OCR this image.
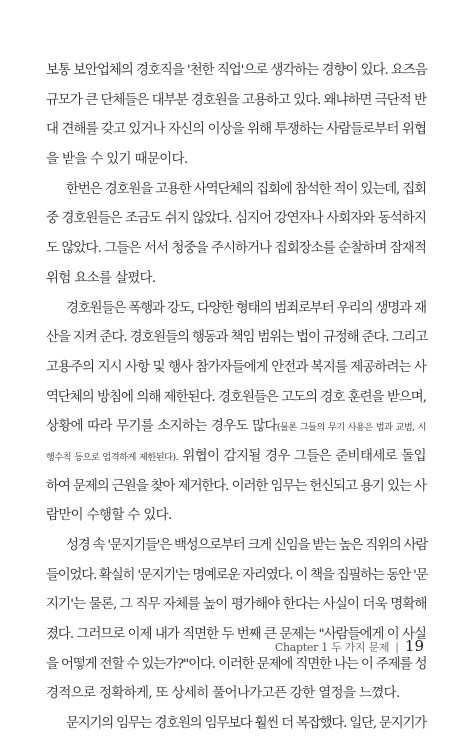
보통 보안업체의 경호직을 '천한 직업'으로 생각하는 경향이 있다. 요즈음
규모가 큰 단체들은 대부분 경호원을 고용하고 있다. 왜냐하면 극단적 반
대 견해를 갖고 있거나 자신의 이상을 위해 투쟁하는 사람들로부터 위협
을 받을 수 있기 때문이다.
한번은 경호원을 고용한 사역단체의 집회에 참석한 적이 있는데, 집회
중 경호원들은 조금도 쉬지 않았다. 심지어 강연자나 사회자와 동석하지
도 않았다. 그들은 서서 청중을 주시하거나 집회장소를 순찰하며 잠재적
위험 요소를 살폈다.
경호원들은 폭행과 강도, 다양한 형태의 범죄로부터 우리의 생명과 재
산을 지켜 준다. 경호원들의 행동과 책임 범위는 법이 규정해 준다. 그리고
고용주의 지시 사항 및 행사 참가자들에게 안전과 복지를 제공하려는 사
역단체의 방침에 의해 제한된다. 경호원들은 고도의 경호 훈련을 받으며,
상황에 따라 무기를 소지하는 경우도 많다(물론 그들의 무기 사용은 법과 교범, 시
행수칙 등으로 엄격하게 제한된다). 위협이 감지될 경우 그들은 준비태세로 돌입
하여 문제의 근원을 찾아 제거한다. 이러한 임무는 헌신되고 용기 있는 사
람만이 수행할 수 있다.
성경 속 '문지기들'은 백성으로부터 크게 신임을 받는 높은 직위의 사람
들이었다. 확실히 '문지기'는 명예로운 자리였다. 이 책을 집필하는 동안 '문
지기'는 물론, 그 직무 자체를 높이 평가해야 한다는 사실이 더욱 명확해
졌다. 그러므로 이제 내가 직면한 두 번째 큰 문제는 "사람들에게 이 사실
을 어떻게 전할 수 있는가?"이다. 이러한 문제에 직면한 나는 이 주제를 성
경적으로 정확하게, 또 상세히 풀어나가고픈 강한 열정을 느꼈다.
문지기의 임무는 경호원의 임무보다 훨씬 더 복잡했다. 일단, 문지기가
Chapter 1 두 가지 문제 | 19
